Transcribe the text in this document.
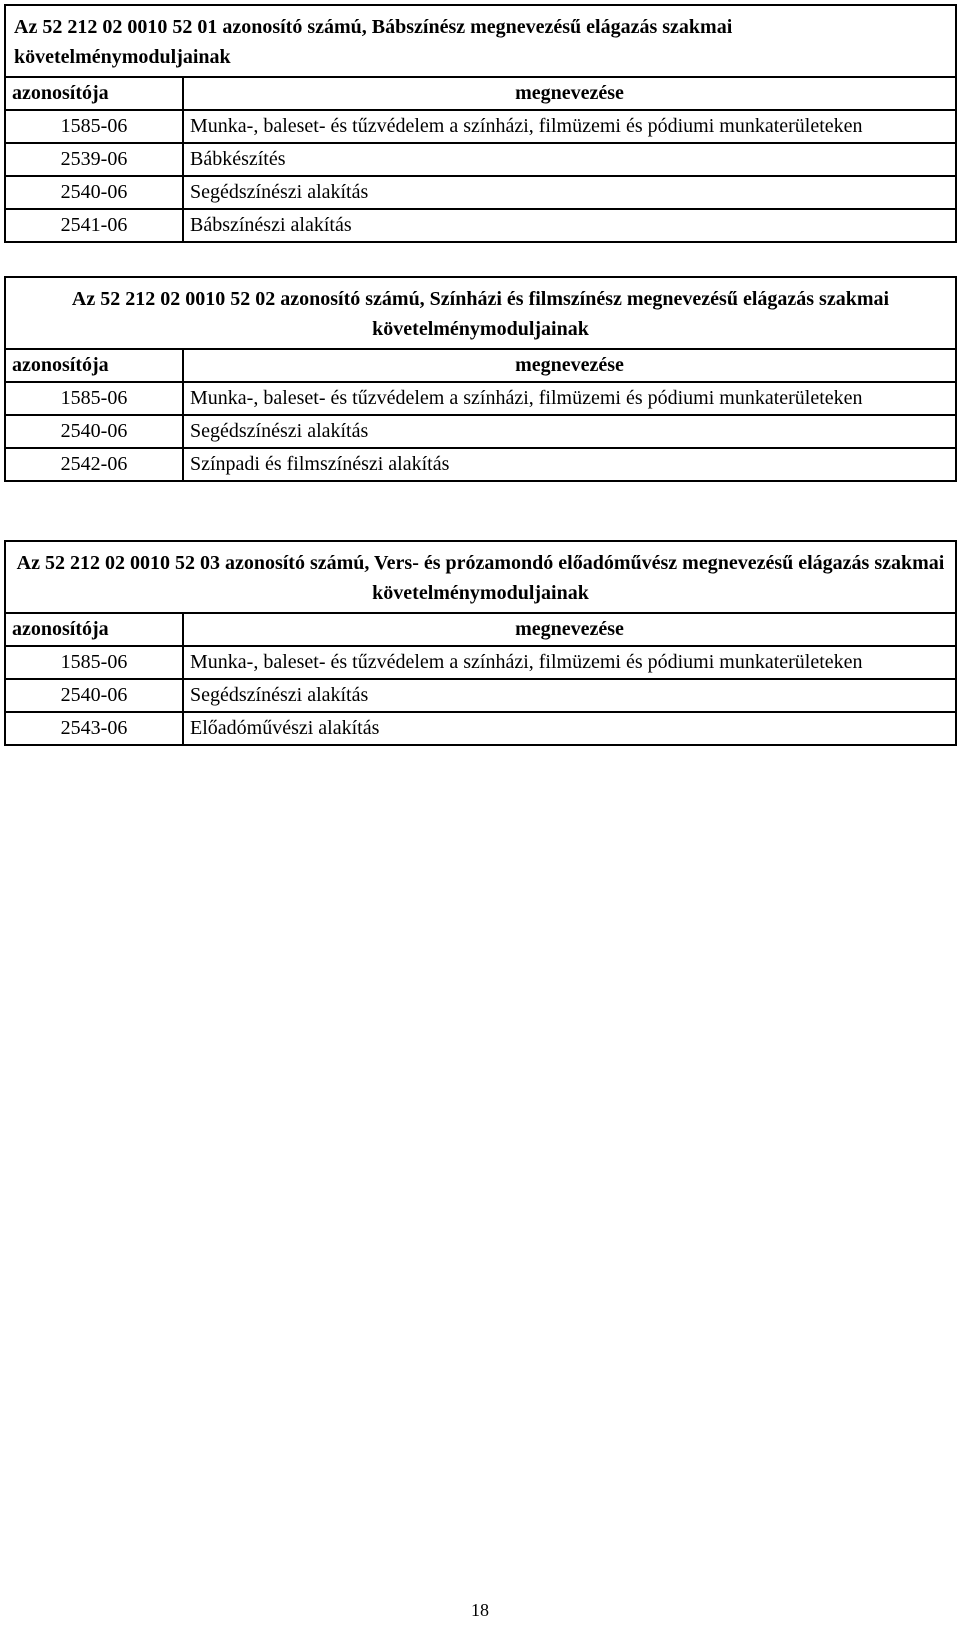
Az 52 212 02 0010 52 01 azonosító számú, Bábszínész megnevezésű elágazás szakmai követelménymoduljainak	
azonosítója	megnevezése
1585-06	Munka-, baleset- és tűzvédelem a színházi, filmüzemi és pódiumi munkaterületeken
2539-06	Bábkészítés
2540-06	Segédszínészi alakítás
2541-06	Bábszínészi alakítás
Az 52 212 02 0010 52 02 azonosító számú, Színházi és filmszínész megnevezésű elágazás szakmai követelménymoduljainak	
azonosítója	megnevezése
1585-06	Munka-, baleset- és tűzvédelem a színházi, filmüzemi és pódiumi munkaterületeken
2540-06	Segédszínészi alakítás
2542-06	Színpadi és filmszínészi alakítás
Az 52 212 02 0010 52 03 azonosító számú, Vers- és prózamondó előadóművész megnevezésű elágazás szakmai követelménymoduljainak	
azonosítója	megnevezése
1585-06	Munka-, baleset- és tűzvédelem a színházi, filmüzemi és pódiumi munkaterületeken
2540-06	Segédszínészi alakítás
2543-06	Előadóművészi alakítás
18
